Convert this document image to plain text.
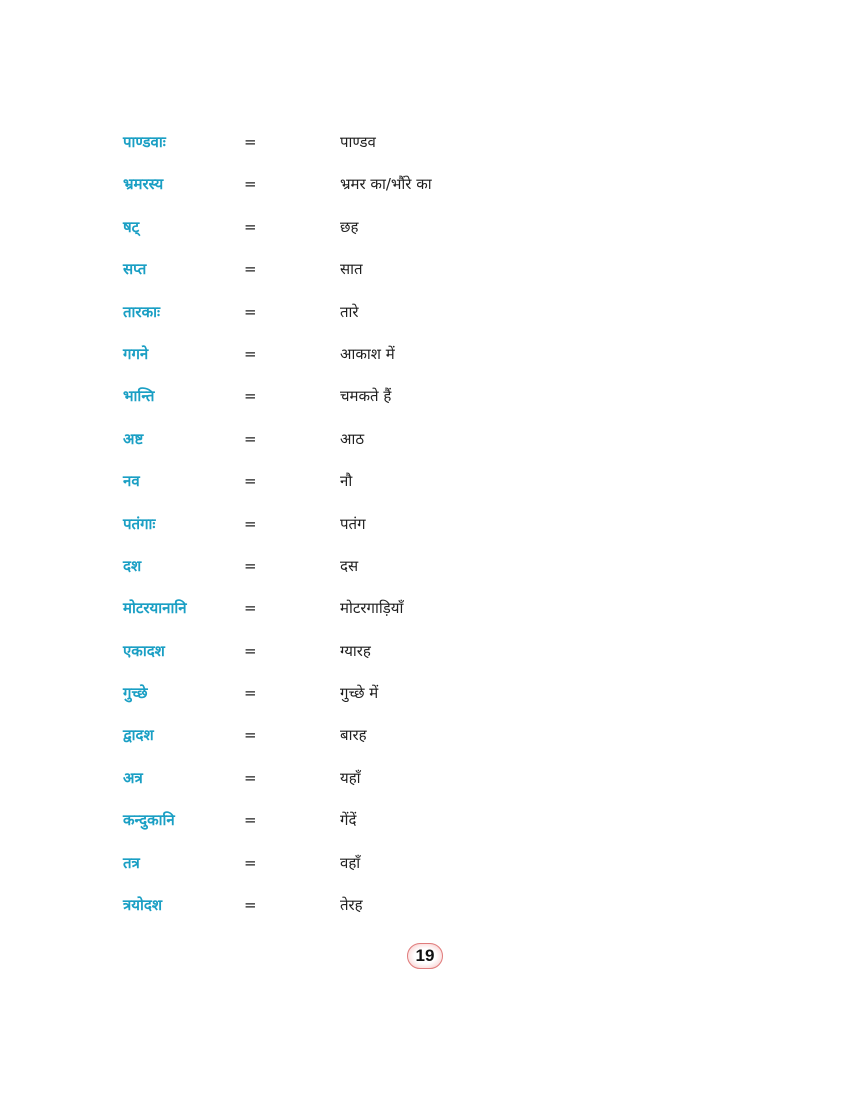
पाण्डवाः	=	पाण्डव
भ्रमरस्य	=	भ्रमर का/भौंरे का
षट्	=	छह
सप्त	=	सात
तारकाः	=	तारे
गगने	=	आकाश में
भान्ति	=	चमकते हैं
अष्ट	=	आठ
नव	=	नौ
पतंगाः	=	पतंग
दश	=	दस
मोटरयानानि	=	मोटरगाड़ियाँ
एकादश	=	ग्यारह
गुच्छे	=	गुच्छे में
द्वादश	=	बारह
अत्र	=	यहाँ
कन्दुकानि	=	गेंदें
तत्र	=	वहाँ
त्रयोदश	=	तेरह
19
